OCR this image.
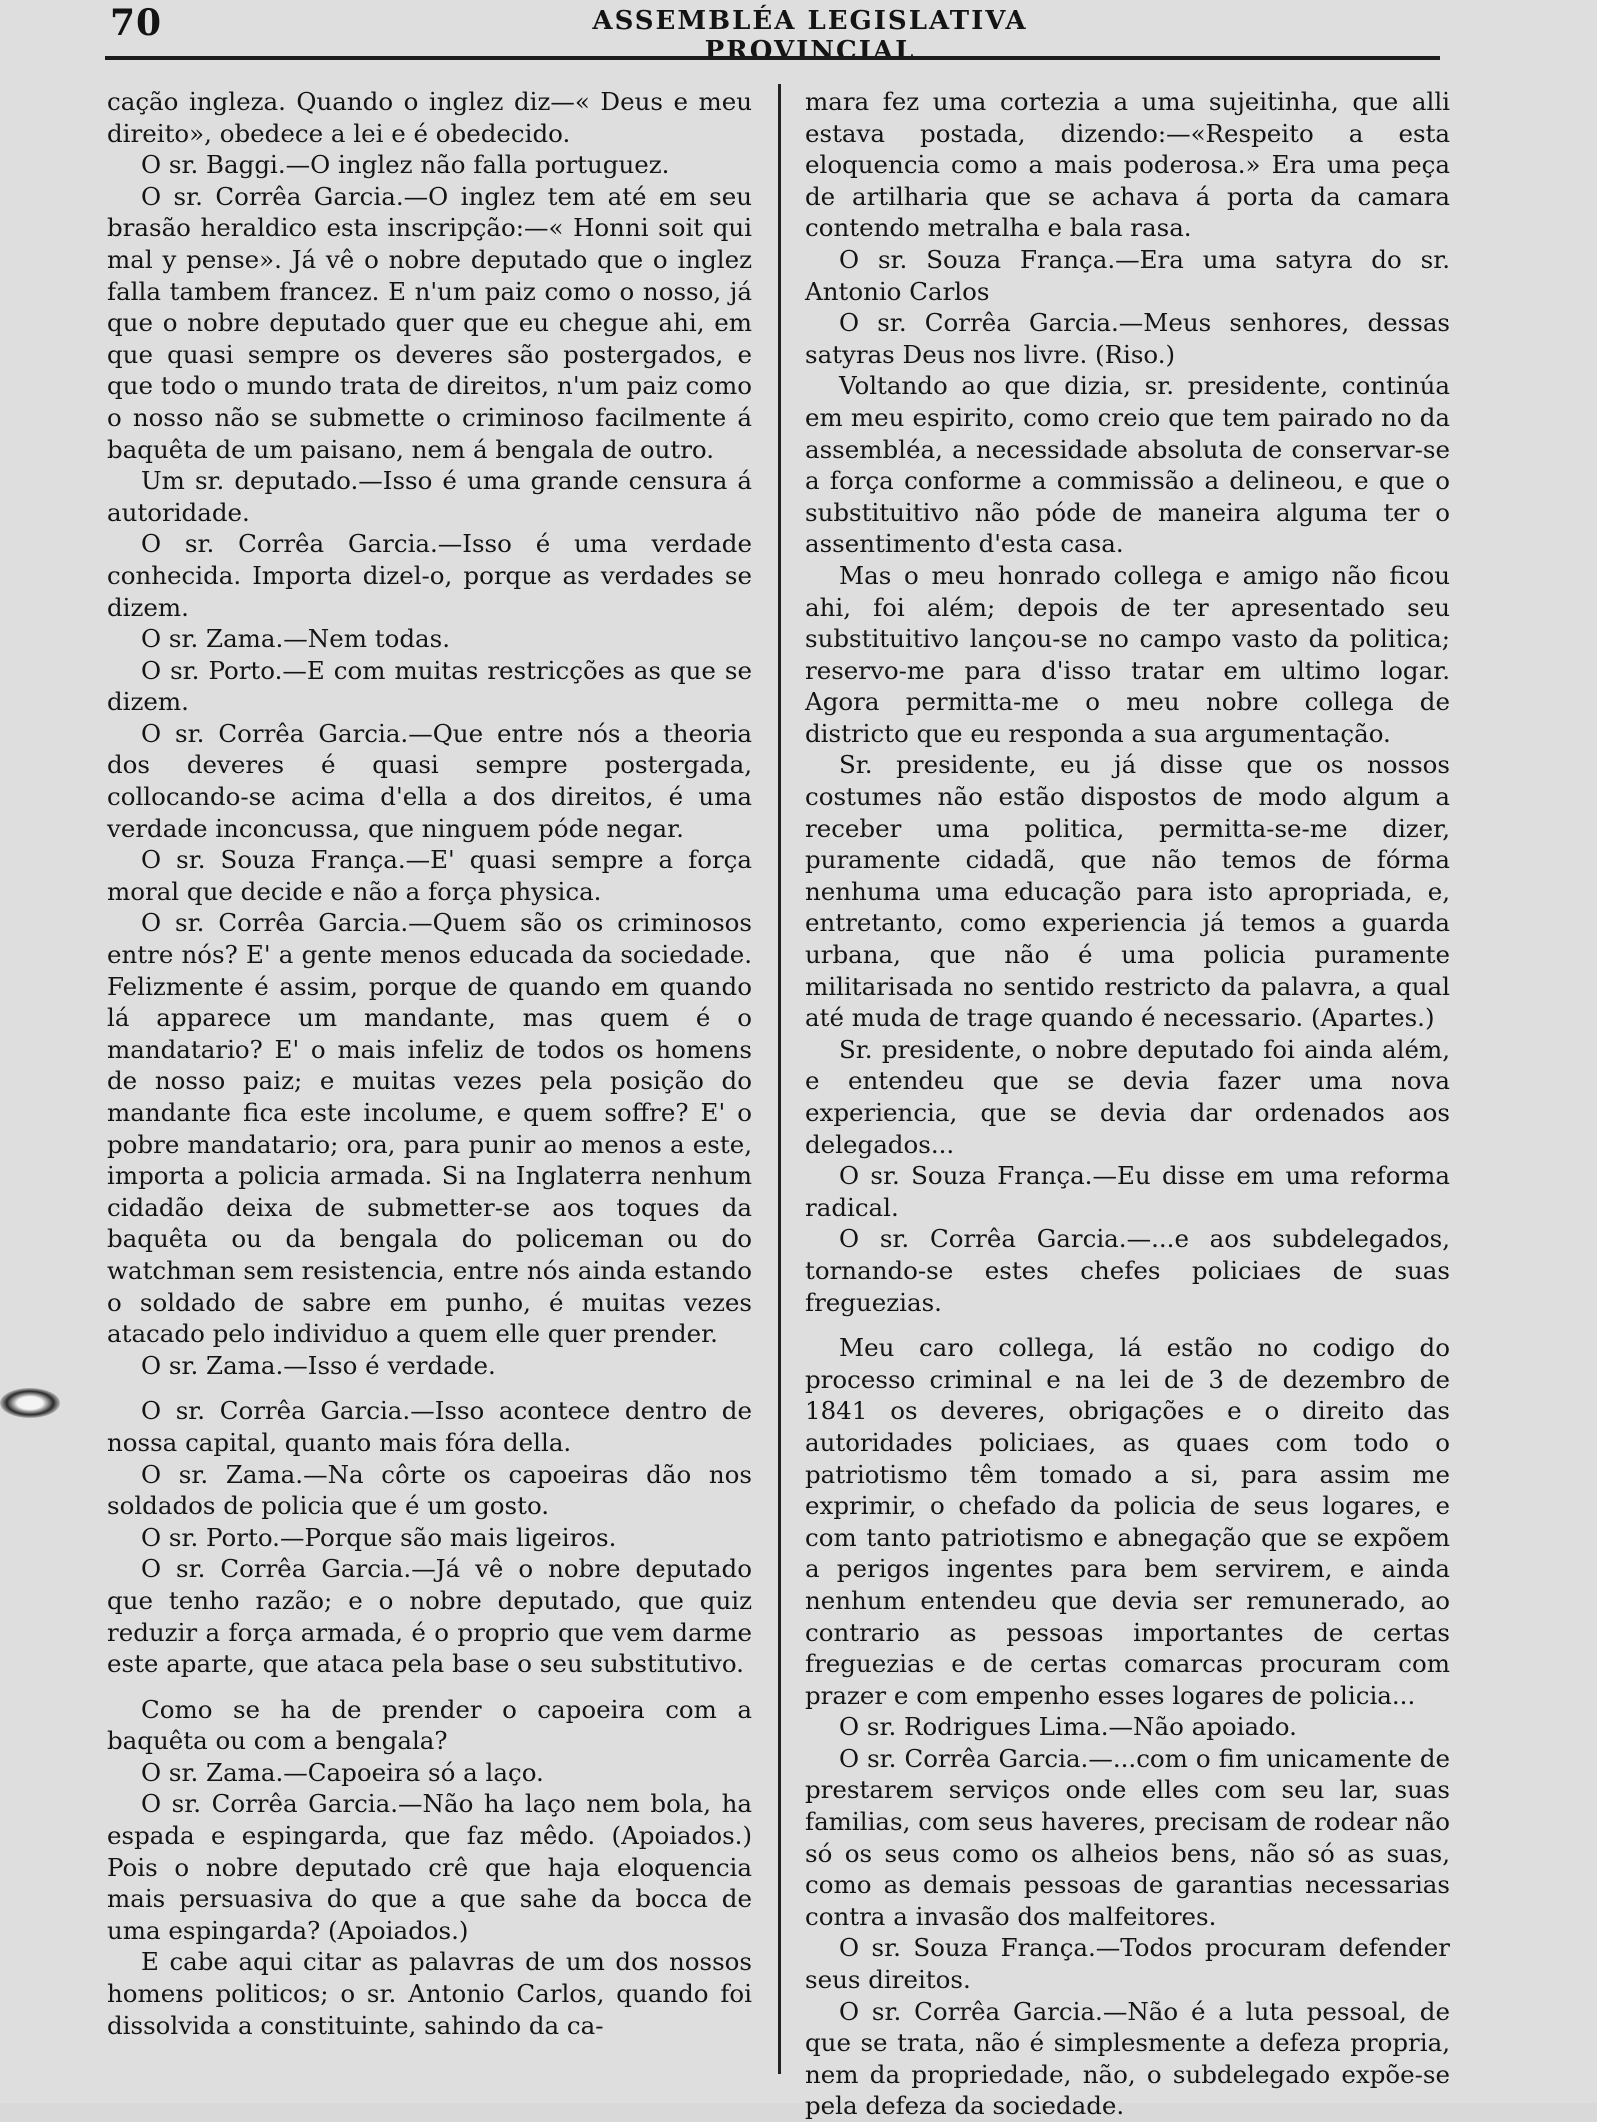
70	ASSEMBLÉA LEGISLATIVA PROVINCIAL

cação ingleza. Quando o inglez diz—« Deus e meu direito», obedece a lei e é obedecido.

O sr. Baggi.—O inglez não falla portuguez.

O sr. Corrêa Garcia.—O inglez tem até em seu brasão heraldico esta inscripção:—« Honni soit qui mal y pense». Já vê o nobre deputado que o inglez falla tambem francez. E n'um paiz como o nosso, já que o nobre deputado quer que eu chegue ahi, em que quasi sempre os deveres são postergados, e que todo o mundo trata de direitos, n'um paiz como o nosso não se submette o criminoso facilmente á baquêta de um paisano, nem á bengala de outro.

Um sr. deputado.—Isso é uma grande censura á autoridade.

O sr. Corrêa Garcia.—Isso é uma verdade conhecida. Importa dizel-o, porque as verdades se dizem.

O sr. Zama.—Nem todas.

O sr. Porto.—E com muitas restricções as que se dizem.

O sr. Corrêa Garcia.—Que entre nós a theoria dos deveres é quasi sempre postergada, collocando-se acima d'ella a dos direitos, é uma verdade inconcussa, que ninguem póde negar.

O sr. Souza França.—E' quasi sempre a força moral que decide e não a força physica.

O sr. Corrêa Garcia.—Quem são os criminosos entre nós? E' a gente menos educada da sociedade. Felizmente é assim, porque de quando em quando lá apparece um mandante, mas quem é o mandatario? E' o mais infeliz de todos os homens de nosso paiz; e muitas vezes pela posição do mandante fica este incolume, e quem soffre? E' o pobre mandatario; ora, para punir ao menos a este, importa a policia armada. Si na Inglaterra nenhum cidadão deixa de submetter-se aos toques da baquêta ou da bengala do policeman ou do watchman sem resistencia, entre nós ainda estando o soldado de sabre em punho, é muitas vezes atacado pelo individuo a quem elle quer prender.

O sr. Zama.—Isso é verdade.

O sr. Corrêa Garcia.—Isso acontece dentro de nossa capital, quanto mais fóra della.

O sr. Zama.—Na côrte os capoeiras dão nos soldados de policia que é um gosto.

O sr. Porto.—Porque são mais ligeiros.

O sr. Corrêa Garcia.—Já vê o nobre deputado que tenho razão; e o nobre deputado, que quiz reduzir a força armada, é o proprio que vem darme este aparte, que ataca pela base o seu substitutivo.

Como se ha de prender o capoeira com a baquêta ou com a bengala?

O sr. Zama.—Capoeira só a laço.

O sr. Corrêa Garcia.—Não ha laço nem bola, ha espada e espingarda, que faz mêdo. (Apoiados.) Pois o nobre deputado crê que haja eloquencia mais persuasiva do que a que sahe da bocca de uma espingarda? (Apoiados.)

E cabe aqui citar as palavras de um dos nossos homens politicos; o sr. Antonio Carlos, quando foi dissolvida a constituinte, sahindo da ca-

mara fez uma cortezia a uma sujeitinha, que alli estava postada, dizendo:—«Respeito a esta eloquencia como a mais poderosa.» Era uma peça de artilharia que se achava á porta da camara contendo metralha e bala rasa.

O sr. Souza França.—Era uma satyra do sr. Antonio Carlos

O sr. Corrêa Garcia.—Meus senhores, dessas satyras Deus nos livre. (Riso.)

Voltando ao que dizia, sr. presidente, continúa em meu espirito, como creio que tem pairado no da assembléa, a necessidade absoluta de conservar-se a força conforme a commissão a delineou, e que o substituitivo não póde de maneira alguma ter o assentimento d'esta casa.

Mas o meu honrado collega e amigo não ficou ahi, foi além; depois de ter apresentado seu substituitivo lançou-se no campo vasto da politica; reservo-me para d'isso tratar em ultimo logar. Agora permitta-me o meu nobre collega de districto que eu responda a sua argumentação.

Sr. presidente, eu já disse que os nossos costumes não estão dispostos de modo algum a receber uma politica, permitta-se-me dizer, puramente cidadã, que não temos de fórma nenhuma uma educação para isto apropriada, e, entretanto, como experiencia já temos a guarda urbana, que não é uma policia puramente militarisada no sentido restricto da palavra, a qual até muda de trage quando é necessario. (Apartes.)

Sr. presidente, o nobre deputado foi ainda além, e entendeu que se devia fazer uma nova experiencia, que se devia dar ordenados aos delegados...

O sr. Souza França.—Eu disse em uma reforma radical.

O sr. Corrêa Garcia.—...e aos subdelegados, tornando-se estes chefes policiaes de suas freguezias.

Meu caro collega, lá estão no codigo do processo criminal e na lei de 3 de dezembro de 1841 os deveres, obrigações e o direito das autoridades policiaes, as quaes com todo o patriotismo têm tomado a si, para assim me exprimir, o chefado da policia de seus logares, e com tanto patriotismo e abnegação que se expõem a perigos ingentes para bem servirem, e ainda nenhum entendeu que devia ser remunerado, ao contrario as pessoas importantes de certas freguezias e de certas comarcas procuram com prazer e com empenho esses logares de policia...

O sr. Rodrigues Lima.—Não apoiado.

O sr. Corrêa Garcia.—...com o fim unicamente de prestarem serviços onde elles com seu lar, suas familias, com seus haveres, precisam de rodear não só os seus como os alheios bens, não só as suas, como as demais pessoas de garantias necessarias contra a invasão dos malfeitores.

O sr. Souza França.—Todos procuram defender seus direitos.

O sr. Corrêa Garcia.—Não é a luta pessoal, de que se trata, não é simplesmente a defeza propria, nem da propriedade, não, o subdelegado expõe-se pela defeza da sociedade.
